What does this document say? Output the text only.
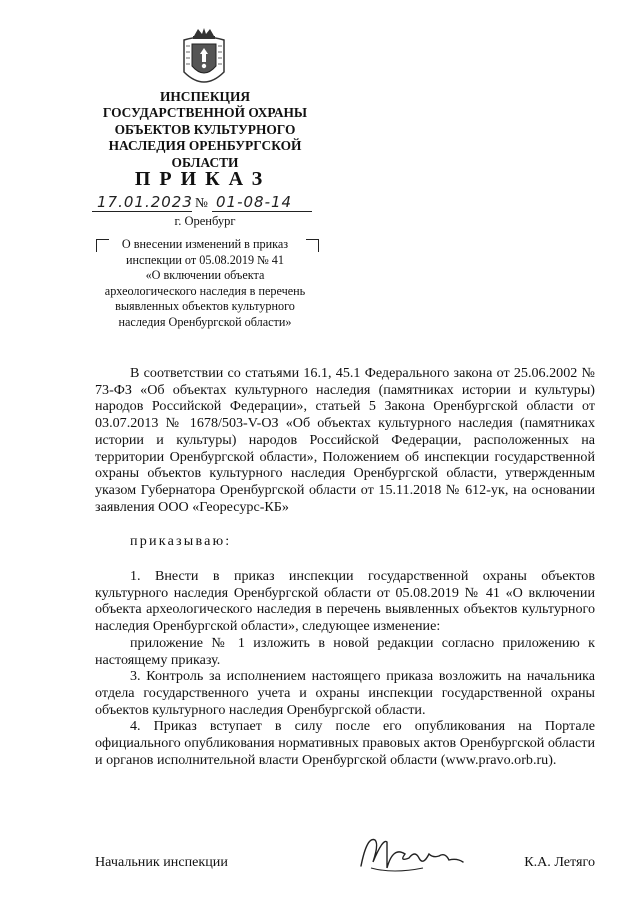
ИНСПЕКЦИЯ
ГОСУДАРСТВЕННОЙ ОХРАНЫ
ОБЪЕКТОВ КУЛЬТУРНОГО
НАСЛЕДИЯ ОРЕНБУРГСКОЙ
ОБЛАСТИ
ПРИКАЗ
17.01.2023 № 01-08-14
г. Оренбург
О внесении изменений в приказ
инспекции от 05.08.2019 № 41
«О включении объекта
археологического наследия в перечень
выявленных объектов культурного
наследия Оренбургской области»

В соответствии со статьями 16.1, 45.1 Федерального закона от 25.06.2002 № 73-ФЗ «Об объектах культурного наследия (памятниках истории и культуры) народов Российской Федерации», статьей 5 Закона Оренбургской области от 03.07.2013 № 1678/503-V-ОЗ «Об объектах культурного наследия (памятниках истории и культуры) народов Российской Федерации, расположенных на территории Оренбургской области», Положением об инспекции государственной охраны объектов культурного наследия Оренбургской области, утвержденным указом Губернатора Оренбургской области от 15.11.2018 № 612-ук, на основании заявления ООО «Георесурс-КБ»

приказываю:

1. Внести в приказ инспекции государственной охраны объектов культурного наследия Оренбургской области от 05.08.2019 № 41 «О включении объекта археологического наследия в перечень выявленных объектов культурного наследия Оренбургской области», следующее изменение:

приложение № 1 изложить в новой редакции согласно приложению к настоящему приказу.

3. Контроль за исполнением настоящего приказа возложить на начальника отдела государственного учета и охраны инспекции государственной охраны объектов культурного наследия Оренбургской области.

4. Приказ вступает в силу после его опубликования на Портале официального опубликования нормативных правовых актов Оренбургской области и органов исполнительной власти Оренбургской области (www.pravo.orb.ru).

Начальник инспекции	К.А. Летяго
